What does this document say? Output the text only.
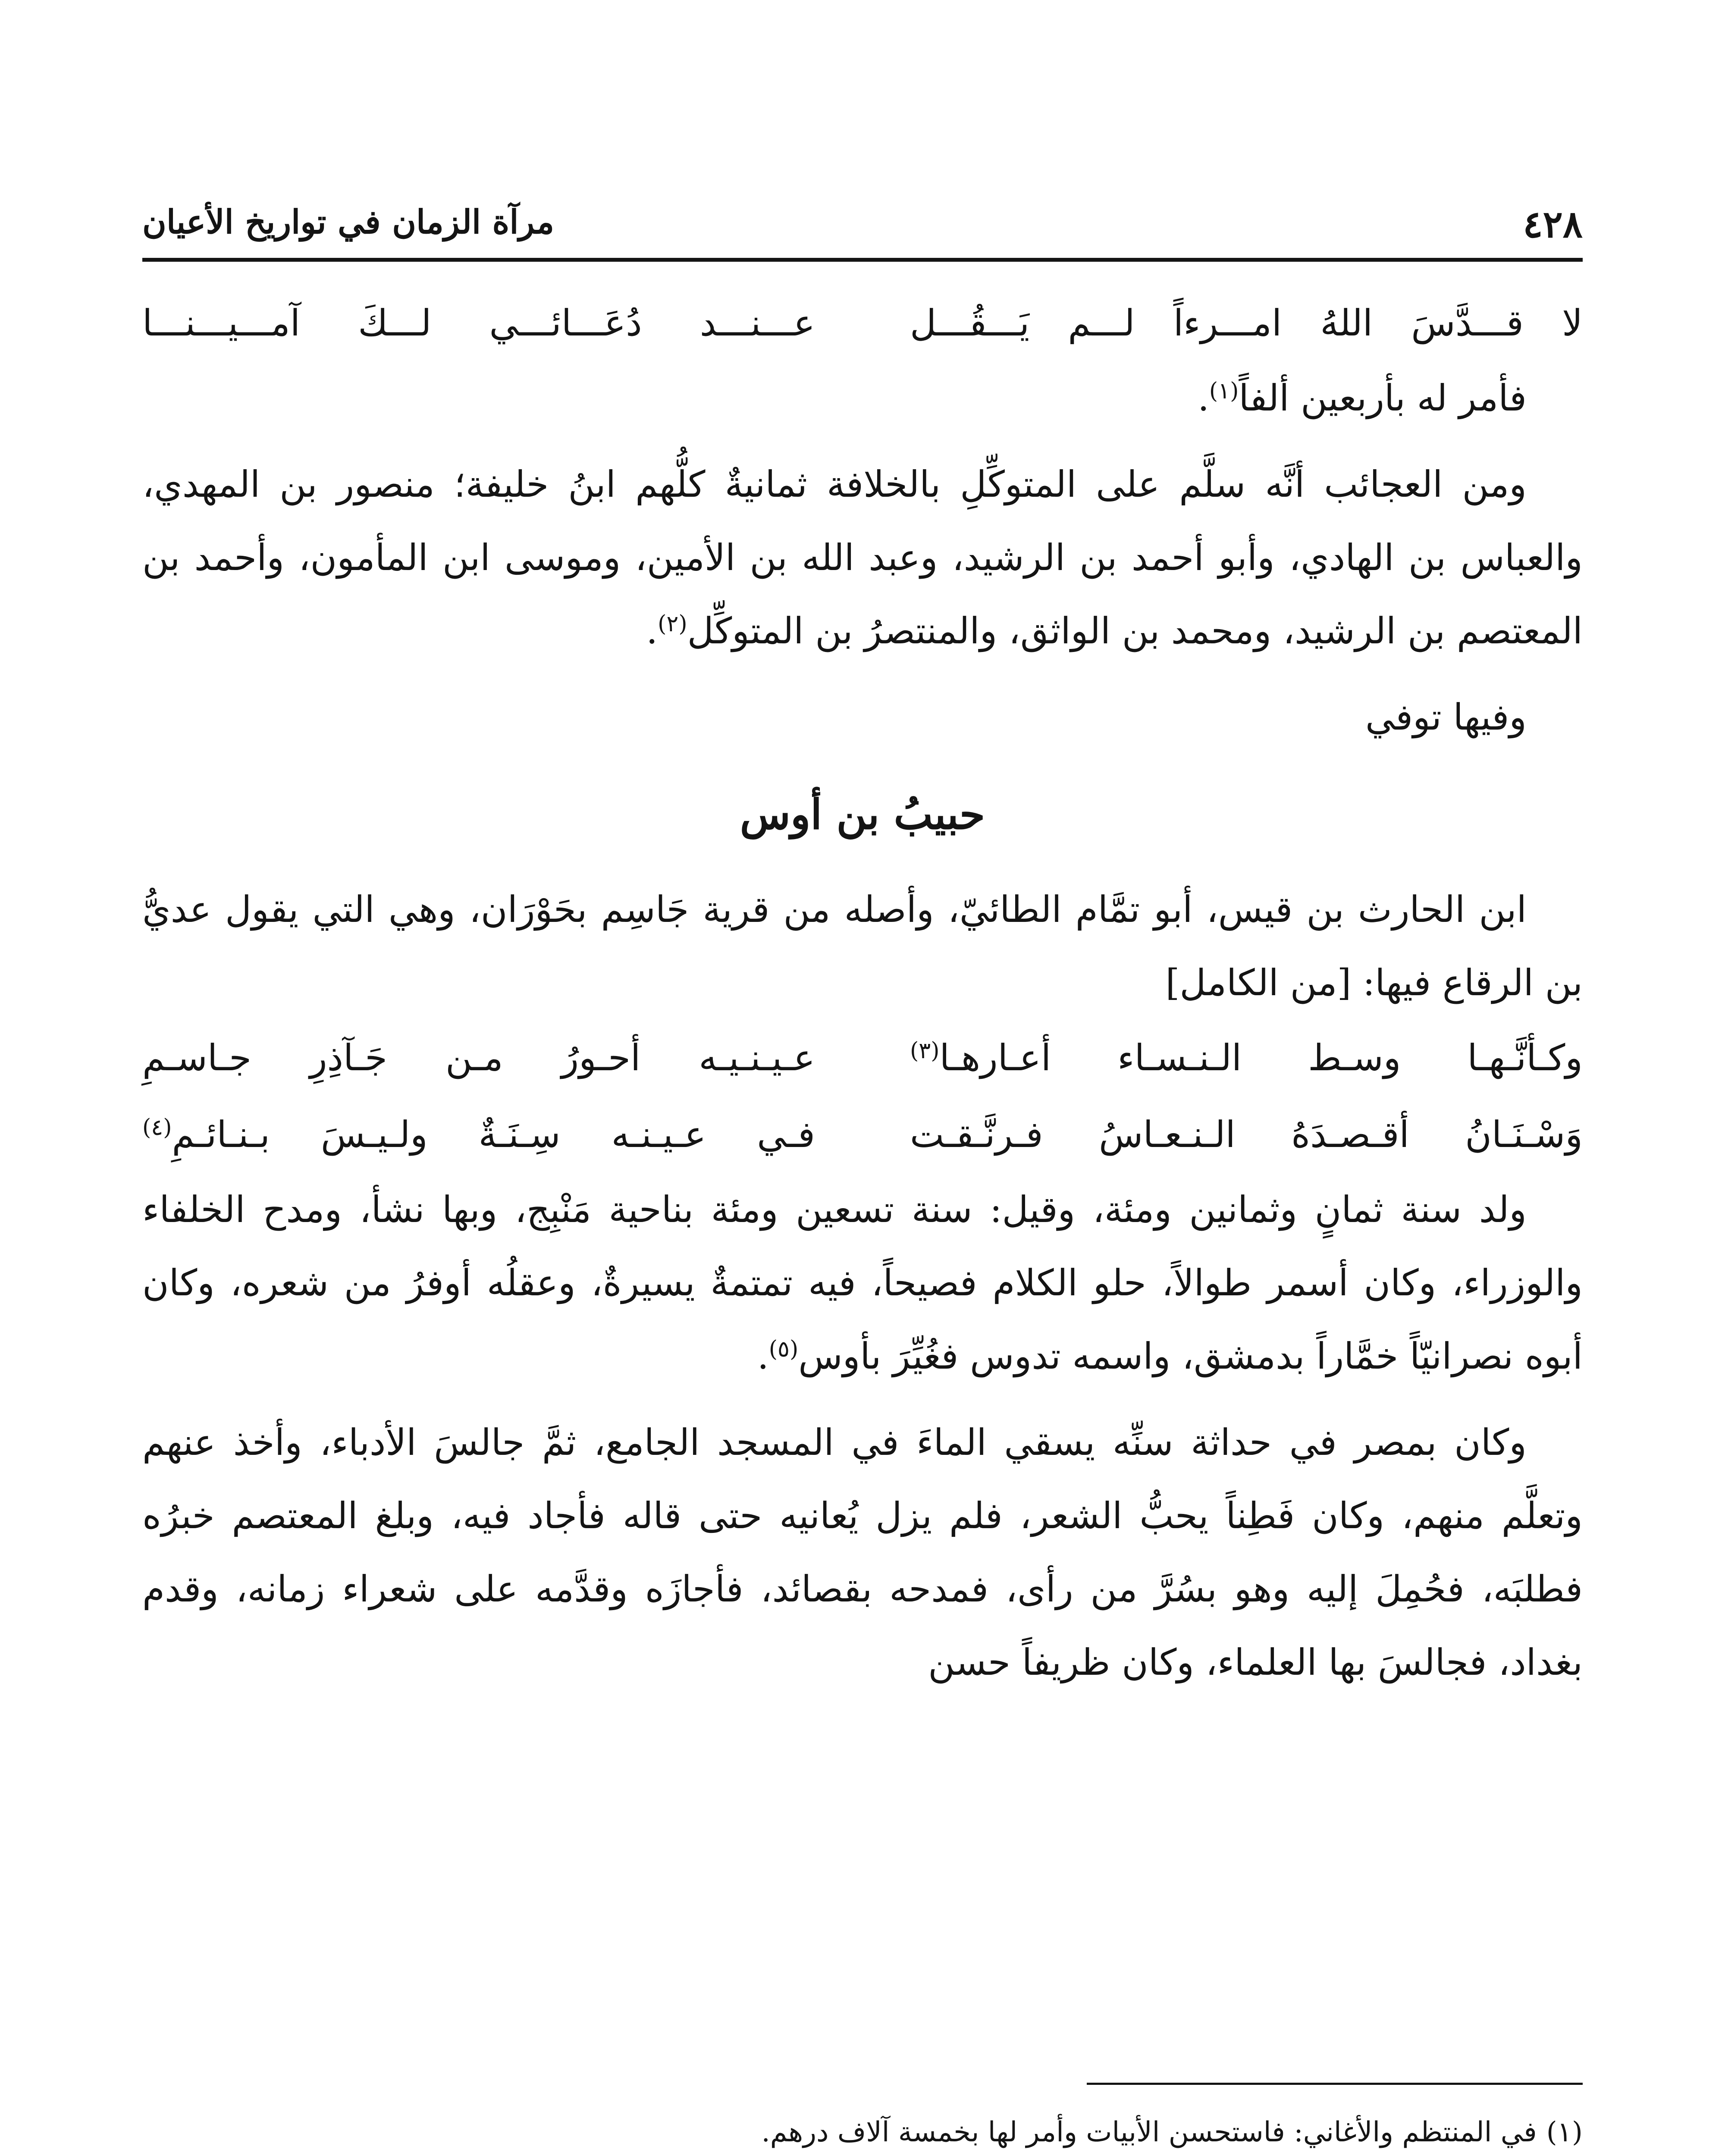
٤٢٨
مرآة الزمان في تواريخ الأعيان
لا قـــدَّسَ اللهُ امـــرءاً لـــم يَـــقُـــل
عـــنـــد دُعَـــائـــي لـــكَ آمـــيـــنـــا

فأمر له بأربعين ألفاً$^{(١)}$.

ومن العجائب أنَّه سلَّم على المتوكِّلِ بالخلافة ثمانيةٌ كلُّهم ابنُ خليفة؛ منصور بن المهدي، والعباس بن الهادي، وأبو أحمد بن الرشيد، وعبد الله بن الأمين، وموسى ابن المأمون، وأحمد بن المعتصم بن الرشيد، ومحمد بن الواثق، والمنتصرُ بن المتوكِّل$^{(٢)}$.

وفيها توفي

حبيبُ بن أوس

ابن الحارث بن قيس، أبو تمَّام الطائيّ، وأصله من قرية جَاسِم بحَوْرَان، وهي التي يقول عديُّ بن الرقاع فيها: [من الكامل]

وكـأنَّـهـا وسـط الـنـسـاء أعـارهـا$^{(٣)}$
عـيـنـيـه أحـورُ مـن جَـآذِرِ جـاسـمِ
وَسْـنَـانُ أقـصـدَهُ الـنـعـاسُ فـرنَّـقـت
فـي عـيـنـه سِـنَـةٌ ولـيـسَ بـنـائـمِ$^{(٤)}$

ولد سنة ثمانٍ وثمانين ومئة، وقيل: سنة تسعين ومئة بناحية مَنْبِج، وبها نشأ، ومدح الخلفاء والوزراء، وكان أسمر طوالاً، حلو الكلام فصيحاً، فيه تمتمةٌ يسيرةٌ، وعقلُه أوفرُ من شعره، وكان أبوه نصرانيّاً خمَّاراً بدمشق، واسمه تدوس فغُيِّرَ بأوس$^{(٥)}$.

وكان بمصر في حداثة سنِّه يسقي الماءَ في المسجد الجامع، ثمَّ جالسَ الأدباء، وأخذ عنهم وتعلَّم منهم، وكان فَطِناً يحبُّ الشعر، فلم يزل يُعانيه حتى قاله فأجاد فيه، وبلغ المعتصم خبرُه فطلبَه، فحُمِلَ إليه وهو بسُرَّ من رأى، فمدحه بقصائد، فأجازَه وقدَّمه على شعراء زمانه، وقدم بغداد، فجالسَ بها العلماء، وكان ظريفاً حسن

(١)في المنتظم والأغاني: فاستحسن الأبيات وأمر لها بخمسة آلاف درهم.
